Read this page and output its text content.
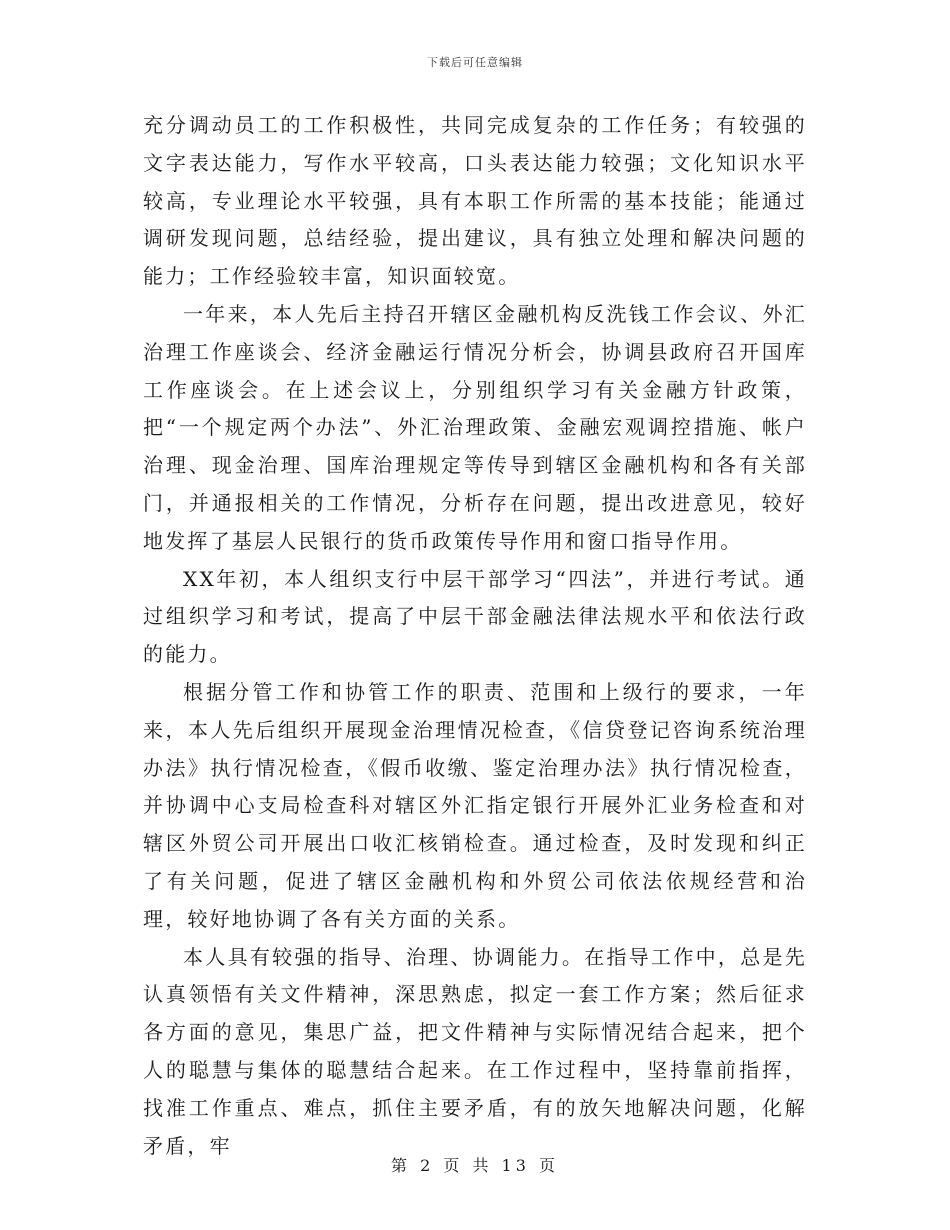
下载后可任意编辑

充分调动员工的工作积极性，共同完成复杂的工作任务；有较强的文字表达能力，写作水平较高，口头表达能力较强；文化知识水平较高，专业理论水平较强，具有本职工作所需的基本技能；能通过调研发现问题，总结经验，提出建议，具有独立处理和解决问题的能力；工作经验较丰富，知识面较宽。

一年来，本人先后主持召开辖区金融机构反洗钱工作会议、外汇治理工作座谈会、经济金融运行情况分析会，协调县政府召开国库工作座谈会。在上述会议上，分别组织学习有关金融方针政策，把“一个规定两个办法”、外汇治理政策、金融宏观调控措施、帐户治理、现金治理、国库治理规定等传导到辖区金融机构和各有关部门，并通报相关的工作情况，分析存在问题，提出改进意见，较好地发挥了基层人民银行的货币政策传导作用和窗口指导作用。

XX年初，本人组织支行中层干部学习“四法”，并进行考试。通过组织学习和考试，提高了中层干部金融法律法规水平和依法行政的能力。

根据分管工作和协管工作的职责、范围和上级行的要求，一年来，本人先后组织开展现金治理情况检查，《信贷登记咨询系统治理办法》执行情况检查，《假币收缴、鉴定治理办法》执行情况检查，并协调中心支局检查科对辖区外汇指定银行开展外汇业务检查和对辖区外贸公司开展出口收汇核销检查。通过检查，及时发现和纠正了有关问题，促进了辖区金融机构和外贸公司依法依规经营和治理，较好地协调了各有关方面的关系。

本人具有较强的指导、治理、协调能力。在指导工作中，总是先认真领悟有关文件精神，深思熟虑，拟定一套工作方案；然后征求各方面的意见，集思广益，把文件精神与实际情况结合起来，把个人的聪慧与集体的聪慧结合起来。在工作过程中，坚持靠前指挥，找准工作重点、难点，抓住主要矛盾，有的放矢地解决问题，化解矛盾，牢

第 2 页 共 13 页
